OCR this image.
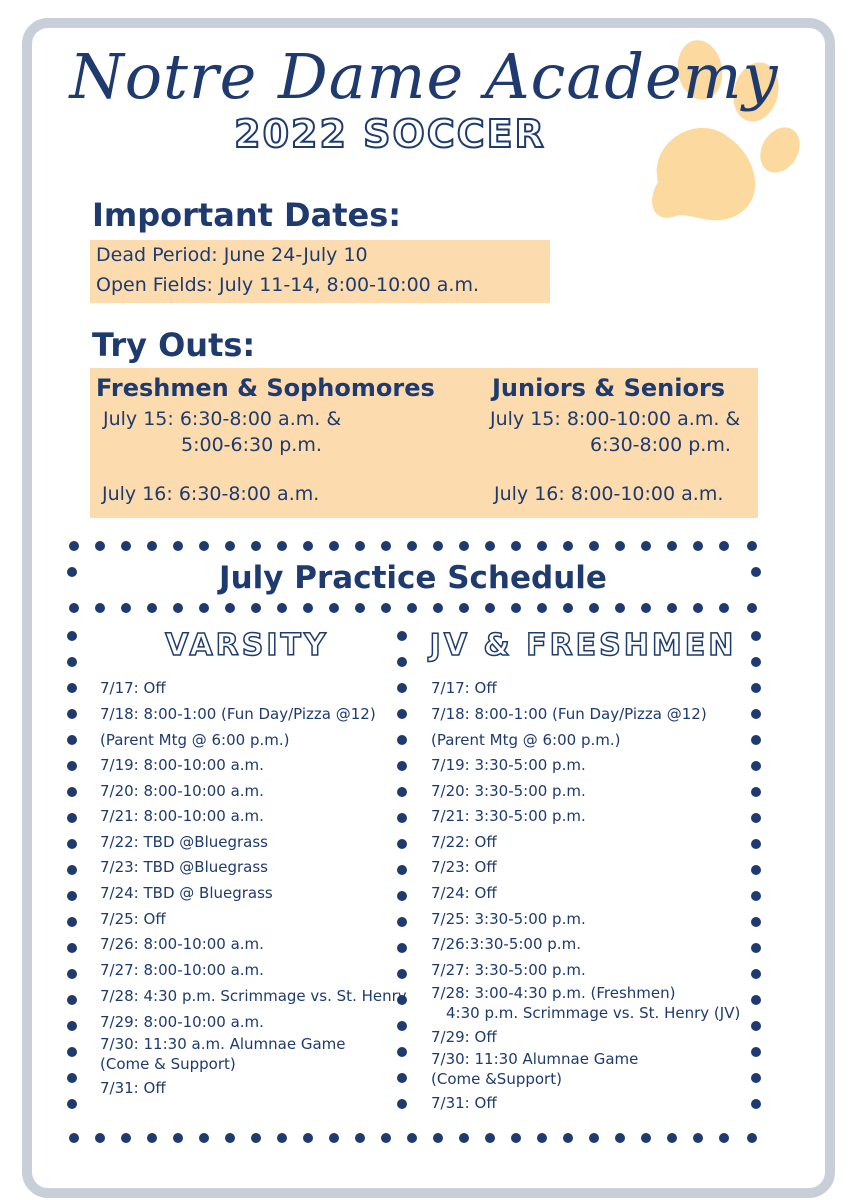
Notre Dame Academy
2022 SOCCER
Important Dates:
Dead Period: June 24-July 10
Open Fields: July 11-14, 8:00-10:00 a.m.
Try Outs:
Freshmen & Sophomores
July 15: 6:30-8:00 a.m. &
5:00-6:30 p.m.
July 16: 6:30-8:00 a.m.
Juniors & Seniors
July 15: 8:00-10:00 a.m. &
6:30-8:00 p.m.
July 16: 8:00-10:00 a.m.
July Practice Schedule
VARSITY	JV & FRESHMEN
7/17: Off
7/18: 8:00-1:00 (Fun Day/Pizza @12)
(Parent Mtg @ 6:00 p.m.)
7/19: 8:00-10:00 a.m.
7/20: 8:00-10:00 a.m.
7/21: 8:00-10:00 a.m.
7/22: TBD @Bluegrass
7/23: TBD @Bluegrass
7/24: TBD @ Bluegrass
7/25: Off
7/26: 8:00-10:00 a.m.
7/27: 8:00-10:00 a.m.
7/28: 4:30 p.m. Scrimmage vs. St. Henry
7/29: 8:00-10:00 a.m.
7/30: 11:30 a.m. Alumnae Game
(Come & Support)
7/31: Off
7/17: Off
7/18: 8:00-1:00 (Fun Day/Pizza @12)
(Parent Mtg @ 6:00 p.m.)
7/19: 3:30-5:00 p.m.
7/20: 3:30-5:00 p.m.
7/21: 3:30-5:00 p.m.
7/22: Off
7/23: Off
7/24: Off
7/25: 3:30-5:00 p.m.
7/26:3:30-5:00 p.m.
7/27: 3:30-5:00 p.m.
7/28: 3:00-4:30 p.m. (Freshmen)
4:30 p.m. Scrimmage vs. St. Henry (JV)
7/29: Off
7/30: 11:30 Alumnae Game
(Come &Support)
7/31: Off
